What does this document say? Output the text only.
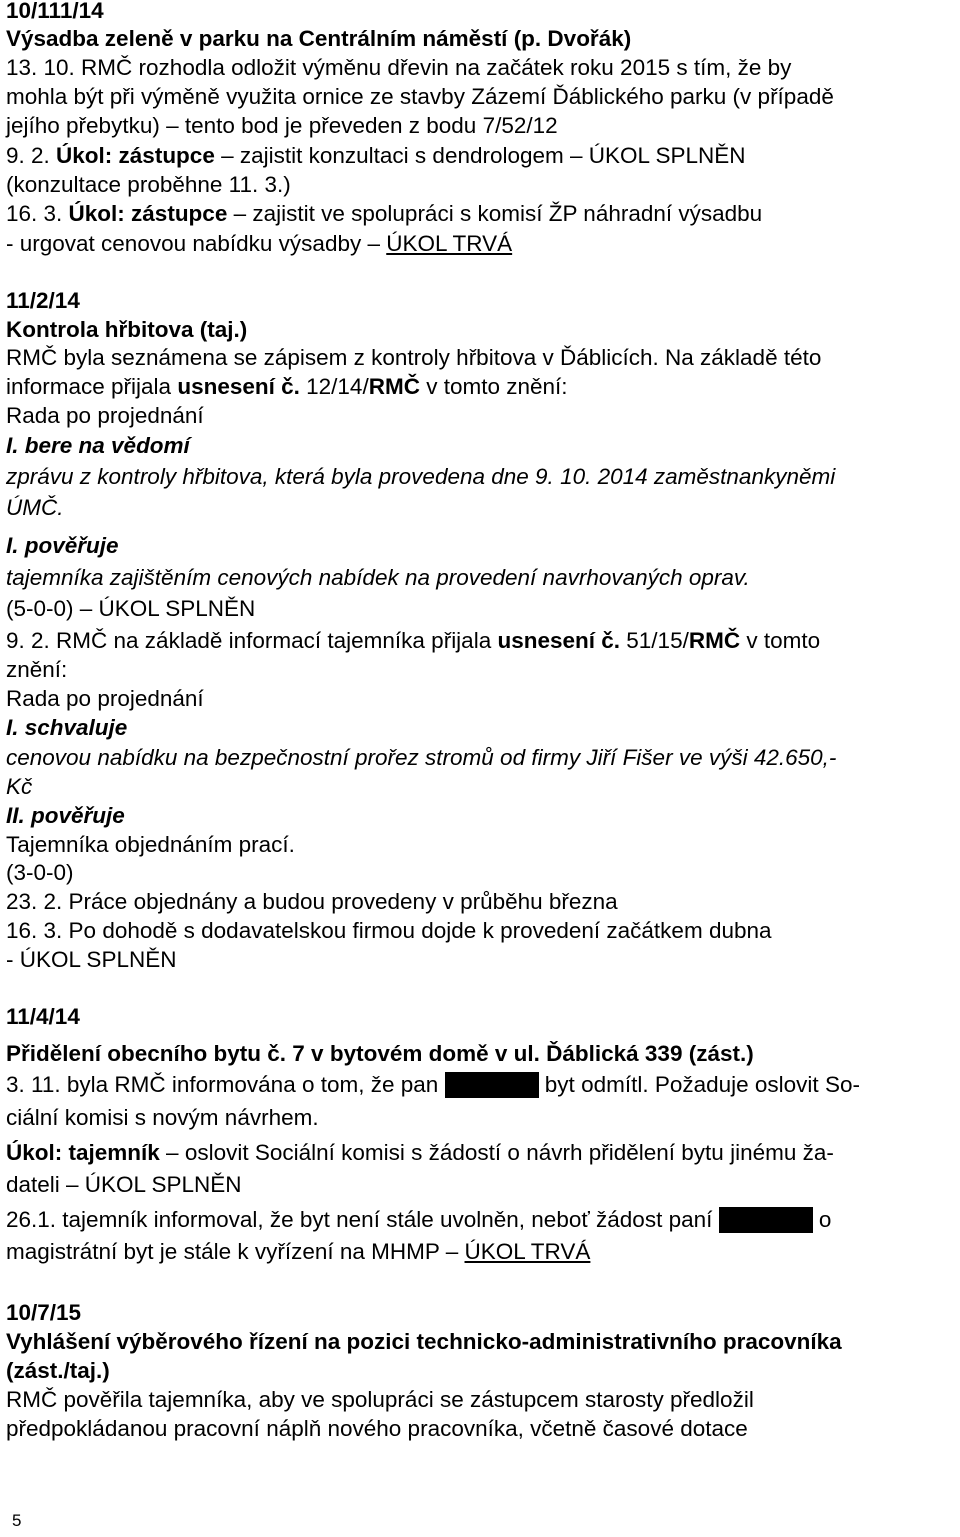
10/111/14
Výsadba zeleně v parku na Centrálním náměstí (p. Dvořák)
13. 10. RMČ rozhodla odložit výměnu dřevin na začátek roku 2015 s tím, že by
mohla být při výměně využita ornice ze stavby Zázemí Ďáblického parku (v případě
jejího přebytku) – tento bod je převeden z bodu 7/52/12
9. 2. Úkol: zástupce – zajistit konzultaci s dendrologem – ÚKOL SPLNĚN
(konzultace proběhne 11. 3.)
16. 3. Úkol: zástupce – zajistit ve spolupráci s komisí ŽP náhradní výsadbu
- urgovat cenovou nabídku výsadby – ÚKOL TRVÁ
11/2/14
Kontrola hřbitova (taj.)
RMČ byla seznámena se zápisem z kontroly hřbitova v Ďáblicích. Na základě této
informace přijala usnesení č. 12/14/RMČ v tomto znění:
Rada po projednání
I. bere na vědomí
zprávu z kontroly hřbitova, která byla provedena dne 9. 10. 2014 zaměstnankyněmi
ÚMČ.
I. pověřuje
tajemníka zajištěním cenových nabídek na provedení navrhovaných oprav.
(5-0-0) – ÚKOL SPLNĚN
9. 2. RMČ na základě informací tajemníka přijala usnesení č. 51/15/RMČ v tomto
znění:
Rada po projednání
I. schvaluje
cenovou nabídku na bezpečnostní prořez stromů od firmy Jiří Fišer ve výši 42.650,-
Kč
II. pověřuje
Tajemníka objednáním prací.
(3-0-0)
23. 2. Práce objednány a budou provedeny v průběhu března
16. 3. Po dohodě s dodavatelskou firmou dojde k provedení začátkem dubna
- ÚKOL SPLNĚN
11/4/14
Přidělení obecního bytu č. 7 v bytovém domě v ul. Ďáblická 339 (zást.)
3. 11. byla RMČ informována o tom, že pan	byt odmítl. Požaduje oslovit So-
ciální komisi s novým návrhem.
Úkol: tajemník – oslovit Sociální komisi s žádostí o návrh přidělení bytu jinému ža-
dateli – ÚKOL SPLNĚN
26.1. tajemník informoval, že byt není stále uvolněn, neboť žádost paní	o
magistrátní byt je stále k vyřízení na MHMP – ÚKOL TRVÁ
10/7/15
Vyhlášení výběrového řízení na pozici technicko-administrativního pracovníka
(zást./taj.)
RMČ pověřila tajemníka, aby ve spolupráci se zástupcem starosty předložil
předpokládanou pracovní náplň nového pracovníka, včetně časové dotace
5
